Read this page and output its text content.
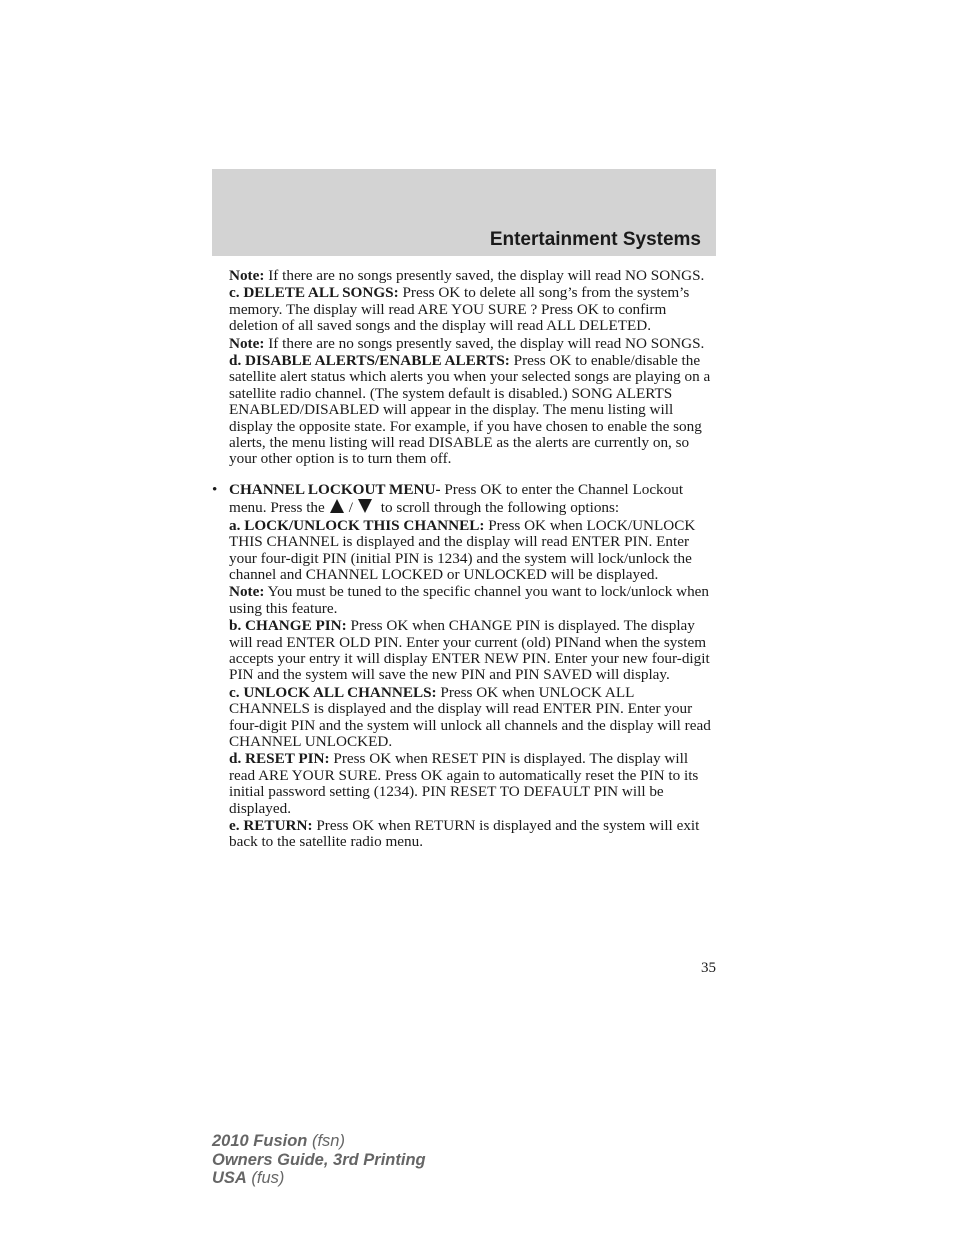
Entertainment Systems

Note: If there are no songs presently saved, the display will read NO SONGS.

c. DELETE ALL SONGS: Press OK to delete all song’s from the system’s memory. The display will read ARE YOU SURE ? Press OK to confirm deletion of all saved songs and the display will read ALL DELETED.

Note: If there are no songs presently saved, the display will read NO SONGS.

d. DISABLE ALERTS/ENABLE ALERTS: Press OK to enable/disable the satellite alert status which alerts you when your selected songs are playing on a satellite radio channel. (The system default is disabled.) SONG ALERTS ENABLED/DISABLED will appear in the display. The menu listing will display the opposite state. For example, if you have chosen to enable the song alerts, the menu listing will read DISABLE as the alerts are currently on, so your other option is to turn them off.

• CHANNEL LOCKOUT MENU- Press OK to enter the Channel Lockout menu. Press the / to scroll through the following options:

a. LOCK/UNLOCK THIS CHANNEL: Press OK when LOCK/UNLOCK THIS CHANNEL is displayed and the display will read ENTER PIN. Enter your four-digit PIN (initial PIN is 1234) and the system will lock/unlock the channel and CHANNEL LOCKED or UNLOCKED will be displayed.

Note: You must be tuned to the specific channel you want to lock/unlock when using this feature.

b. CHANGE PIN: Press OK when CHANGE PIN is displayed. The display will read ENTER OLD PIN. Enter your current (old) PINand when the system accepts your entry it will display ENTER NEW PIN. Enter your new four-digit PIN and the system will save the new PIN and PIN SAVED will display.

c. UNLOCK ALL CHANNELS: Press OK when UNLOCK ALL CHANNELS is displayed and the display will read ENTER PIN. Enter your four-digit PIN and the system will unlock all channels and the display will read CHANNEL UNLOCKED.

d. RESET PIN: Press OK when RESET PIN is displayed. The display will read ARE YOUR SURE. Press OK again to automatically reset the PIN to its initial password setting (1234). PIN RESET TO DEFAULT PIN will be displayed.

e. RETURN: Press OK when RETURN is displayed and the system will exit back to the satellite radio menu.

35
2010 Fusion (fsn)
Owners Guide, 3rd Printing
USA (fus)
